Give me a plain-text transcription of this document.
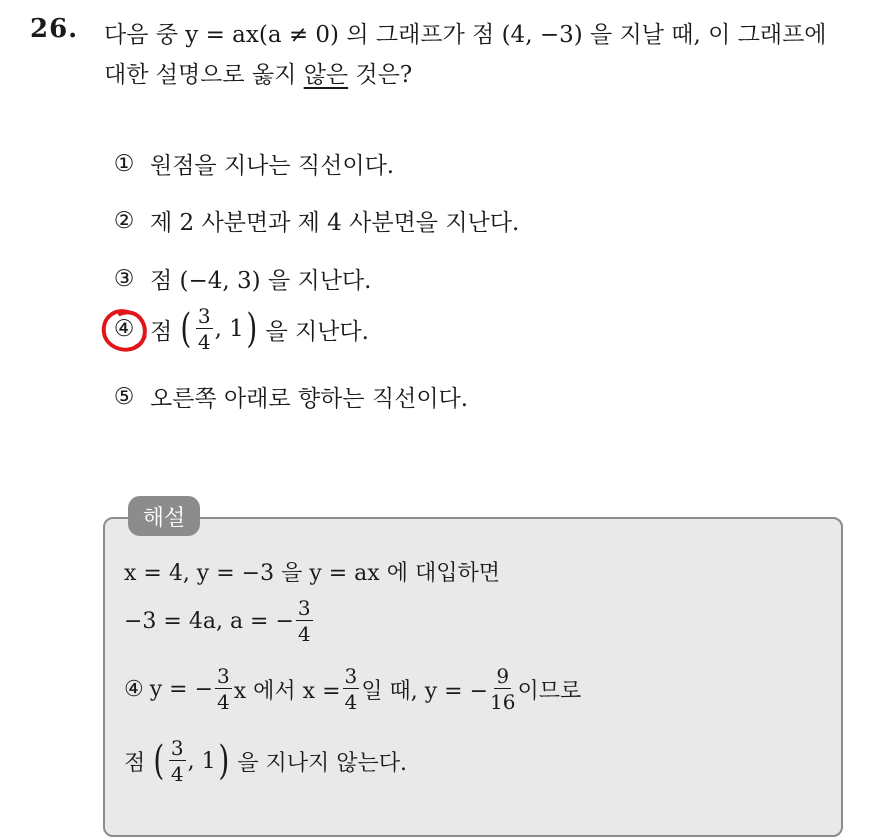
26. 다음 중 y = ax(a ≠ 0) 의 그래프가 점 (4, −3) 을 지날 때, 이 그래프에
대한 설명으로 옳지 않은 것은?
① 원점을 지나는 직선이다.
② 제 2 사분면과 제 4 사분면을 지난다.
③ 점 (−4, 3) 을 지난다.
④ 점 ( $\frac{3}{4}$ , 1 ) 을 지난다.
⑤ 오른쪽 아래로 향하는 직선이다.
해설
x = 4, y = −3 을 y = ax 에 대입하면
−3 = 4a, a = − $\frac{3}{4}$
④ y = − $\frac{3}{4}$ x 에서 $x = \frac{3}{4}$ 일 때, y = − $\frac{9}{16}$ 이므로
점 ( $\frac{3}{4}$ , 1 ) 을 지나지 않는다.
